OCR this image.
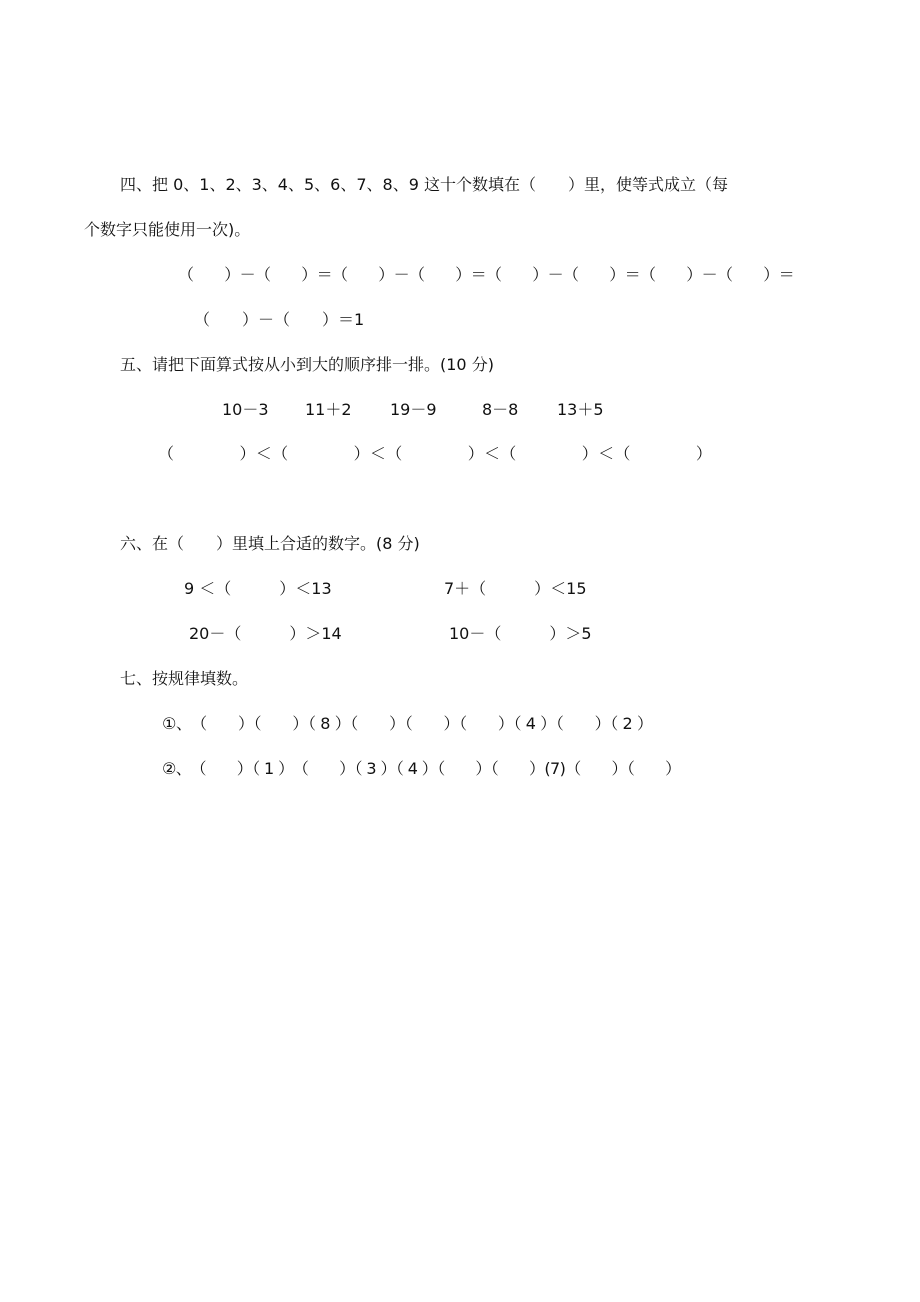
四、把 0、1、2、3、4、5、6、7、8、9 这十个数填在（　　）里，使等式成立（每
个数字只能使用一次)。
（　　）－（　　）＝（　　）－（　　）＝（　　）－（　　）＝（　　）－（　　）＝
（　　）－（　　）＝1
五、请把下面算式按从小到大的顺序排一排。(10 分)
10－3 11＋2 19－9	8－8 13＋5
（　　　　）＜（　　　　）＜（　　　　）＜（　　　　）＜（　　　　）
六、在（　　）里填上合适的数字。(8 分)
9 ＜（　　　）＜13	7＋（　　　）＜15
20－（　　　）＞14	10－（　　　）＞5
七、按规律填数。
①、　（　　）（　　）（ 8 ）（　　）（　　）（　　）（ 4 ）（　　）（ 2 ）
②、　（　　）（ 1 ）　（　　）（ 3 ）（ 4 ）（　　）（　　）(7)（　　）（　　）
